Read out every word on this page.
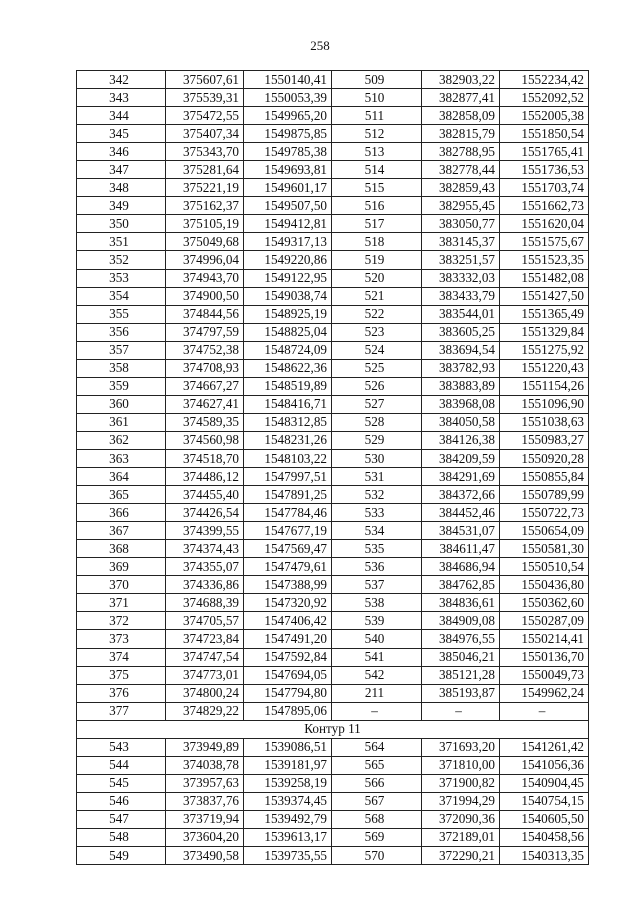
258
342	375607,61	1550140,41	509	382903,22	1552234,42
343	375539,31	1550053,39	510	382877,41	1552092,52
344	375472,55	1549965,20	511	382858,09	1552005,38
345	375407,34	1549875,85	512	382815,79	1551850,54
346	375343,70	1549785,38	513	382788,95	1551765,41
347	375281,64	1549693,81	514	382778,44	1551736,53
348	375221,19	1549601,17	515	382859,43	1551703,74
349	375162,37	1549507,50	516	382955,45	1551662,73
350	375105,19	1549412,81	517	383050,77	1551620,04
351	375049,68	1549317,13	518	383145,37	1551575,67
352	374996,04	1549220,86	519	383251,57	1551523,35
353	374943,70	1549122,95	520	383332,03	1551482,08
354	374900,50	1549038,74	521	383433,79	1551427,50
355	374844,56	1548925,19	522	383544,01	1551365,49
356	374797,59	1548825,04	523	383605,25	1551329,84
357	374752,38	1548724,09	524	383694,54	1551275,92
358	374708,93	1548622,36	525	383782,93	1551220,43
359	374667,27	1548519,89	526	383883,89	1551154,26
360	374627,41	1548416,71	527	383968,08	1551096,90
361	374589,35	1548312,85	528	384050,58	1551038,63
362	374560,98	1548231,26	529	384126,38	1550983,27
363	374518,70	1548103,22	530	384209,59	1550920,28
364	374486,12	1547997,51	531	384291,69	1550855,84
365	374455,40	1547891,25	532	384372,66	1550789,99
366	374426,54	1547784,46	533	384452,46	1550722,73
367	374399,55	1547677,19	534	384531,07	1550654,09
368	374374,43	1547569,47	535	384611,47	1550581,30
369	374355,07	1547479,61	536	384686,94	1550510,54
370	374336,86	1547388,99	537	384762,85	1550436,80
371	374688,39	1547320,92	538	384836,61	1550362,60
372	374705,57	1547406,42	539	384909,08	1550287,09
373	374723,84	1547491,20	540	384976,55	1550214,41
374	374747,54	1547592,84	541	385046,21	1550136,70
375	374773,01	1547694,05	542	385121,28	1550049,73
376	374800,24	1547794,80	211	385193,87	1549962,24
377	374829,22	1547895,06	–	–	–
Контур 11					
543	373949,89	1539086,51	564	371693,20	1541261,42
544	374038,78	1539181,97	565	371810,00	1541056,36
545	373957,63	1539258,19	566	371900,82	1540904,45
546	373837,76	1539374,45	567	371994,29	1540754,15
547	373719,94	1539492,79	568	372090,36	1540605,50
548	373604,20	1539613,17	569	372189,01	1540458,56
549	373490,58	1539735,55	570	372290,21	1540313,35
